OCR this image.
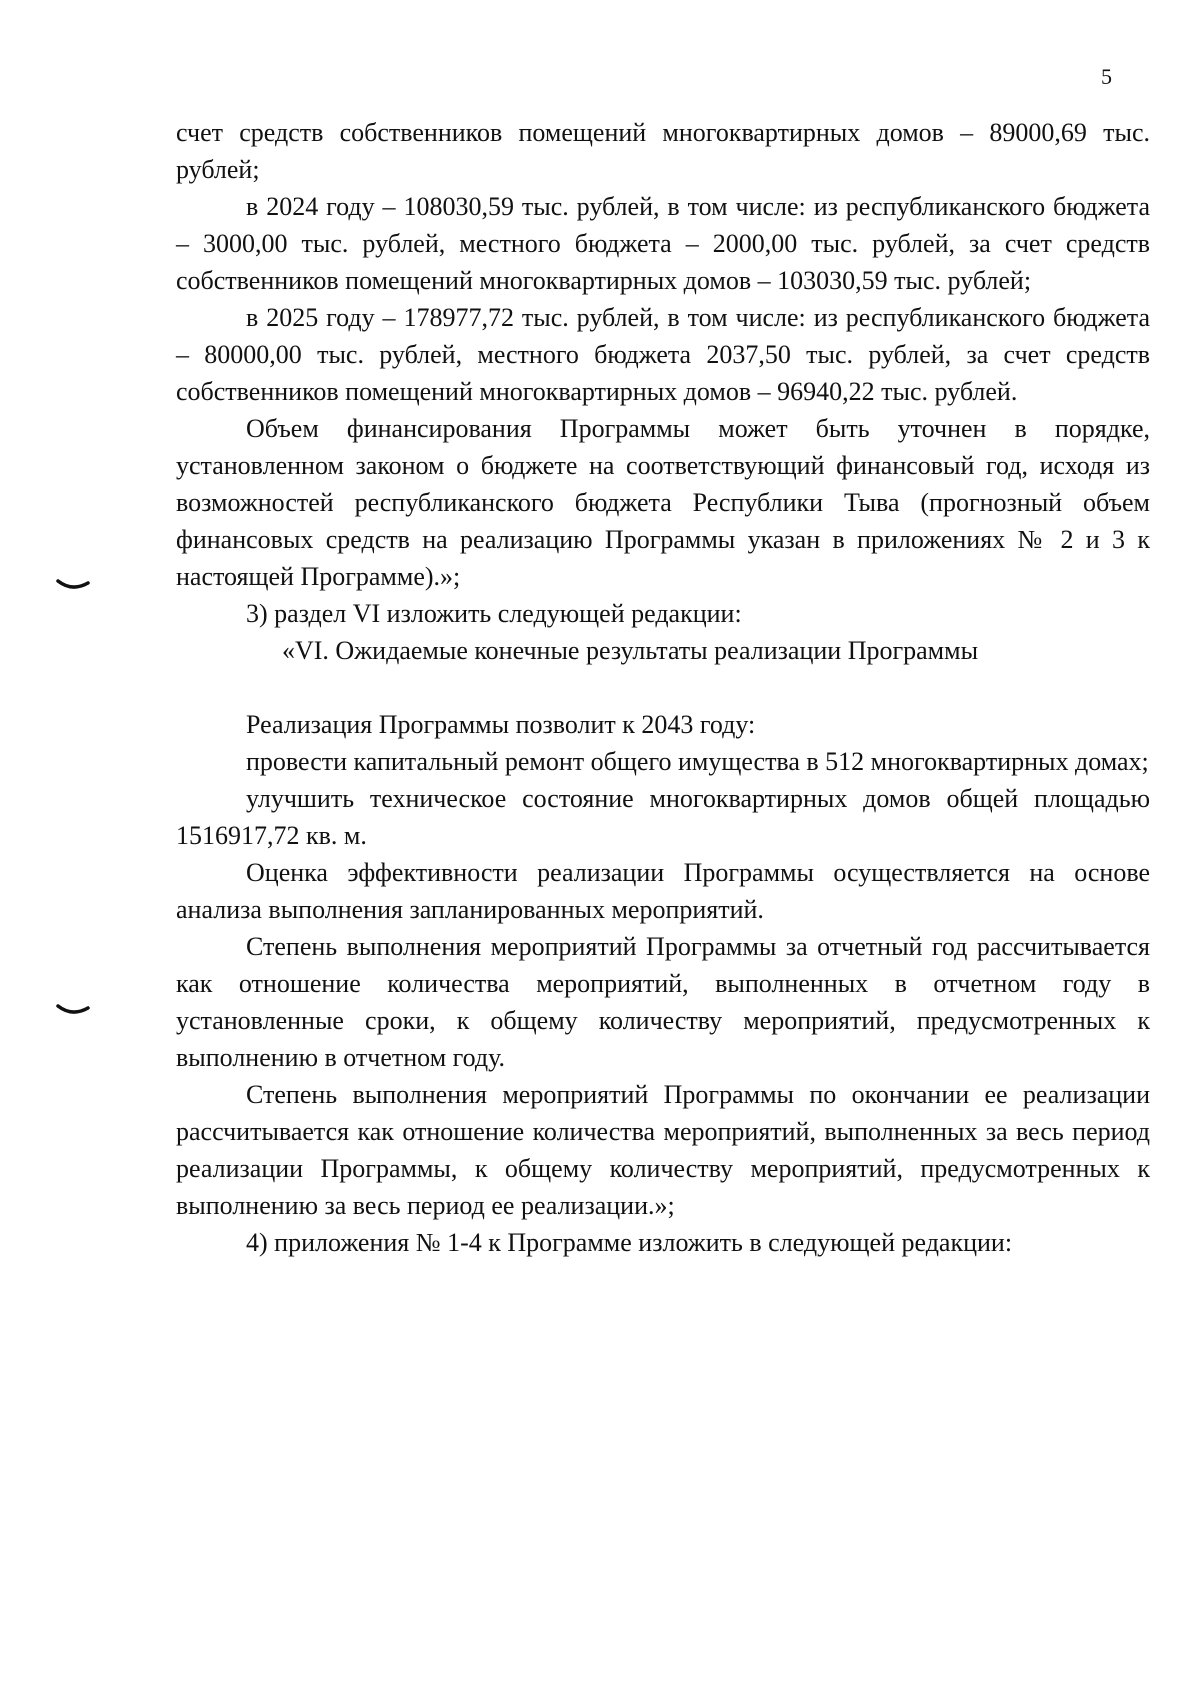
5

счет средств собственников помещений многоквартирных домов – 89000,69 тыс. рублей;

в 2024 году – 108030,59 тыс. рублей, в том числе: из республиканского бюджета – 3000,00 тыс. рублей, местного бюджета – 2000,00 тыс. рублей, за счет средств собственников помещений многоквартирных домов – 103030,59 тыс. рублей;

в 2025 году – 178977,72 тыс. рублей, в том числе: из республиканского бюджета – 80000,00 тыс. рублей, местного бюджета 2037,50 тыс. рублей, за счет средств собственников помещений многоквартирных домов – 96940,22 тыс. рублей.

Объем финансирования Программы может быть уточнен в порядке, установленном законом о бюджете на соответствующий финансовый год, исходя из возможностей республиканского бюджета Республики Тыва (прогнозный объем финансовых средств на реализацию Программы указан в приложениях № 2 и 3 к настоящей Программе).»;

3) раздел VI изложить следующей редакции:

«VI. Ожидаемые конечные результаты реализации Программы

Реализация Программы позволит к 2043 году:

провести капитальный ремонт общего имущества в 512 многоквартирных домах;

улучшить техническое состояние многоквартирных домов общей площадью 1516917,72 кв. м.

Оценка эффективности реализации Программы осуществляется на основе анализа выполнения запланированных мероприятий.

Степень выполнения мероприятий Программы за отчетный год рассчитывается как отношение количества мероприятий, выполненных в отчетном году в установленные сроки, к общему количеству мероприятий, предусмотренных к выполнению в отчетном году.

Степень выполнения мероприятий Программы по окончании ее реализации рассчитывается как отношение количества мероприятий, выполненных за весь период реализации Программы, к общему количеству мероприятий, предусмотренных к выполнению за весь период ее реализации.»;

4) приложения № 1-4 к Программе изложить в следующей редакции:
